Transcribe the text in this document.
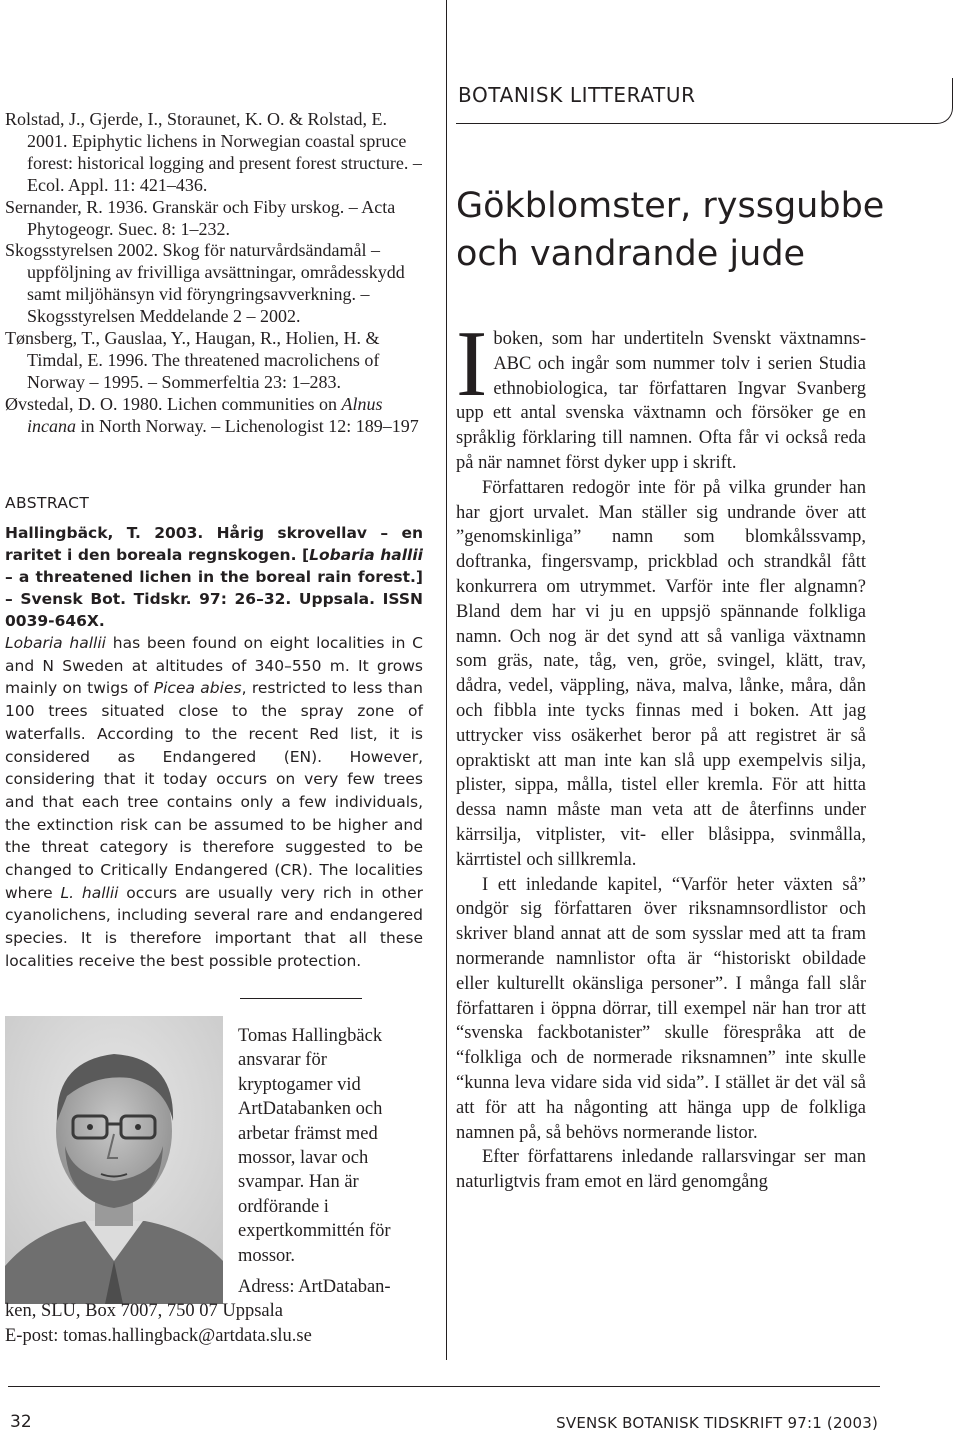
Rolstad, J., Gjerde, I., Storaunet, K. O. & Rolstad, E. 2001. Epiphytic lichens in Norwegian coastal spruce forest: historical logging and present forest structure. – Ecol. Appl. 11: 421–436.

Sernander, R. 1936. Granskär och Fiby urskog. – Acta Phytogeogr. Suec. 8: 1–232.

Skogsstyrelsen 2002. Skog för naturvårdsändamål – uppföljning av frivilliga avsättningar, områdesskydd samt miljöhänsyn vid föryngringsavverkning. – Skogsstyrelsen Meddelande 2 – 2002.

Tønsberg, T., Gauslaa, Y., Haugan, R., Holien, H. & Timdal, E. 1996. The threatened macrolichens of Norway – 1995. – Sommerfeltia 23: 1–283.

Øvstedal, D. O. 1980. Lichen communities on Alnus incana in North Norway. – Lichenologist 12: 189–197

ABSTRACT

Hallingbäck, T. 2003. Hårig skrovellav – en raritet i den boreala regnskogen. [Lobaria hallii – a threatened lichen in the boreal rain forest.] – Svensk Bot. Tidskr. 97: 26–32. Uppsala. ISSN 0039-646X.

Lobaria hallii has been found on eight localities in C and N Sweden at altitudes of 340–550 m. It grows mainly on twigs of Picea abies, restricted to less than 100 trees situated close to the spray zone of waterfalls. According to the recent Red list, it is considered as Endangered (EN). However, considering that it today occurs on very few trees and that each tree contains only a few individuals, the extinction risk can be assumed to be higher and the threat category is therefore suggested to be changed to Critically Endangered (CR). The localities where L. hallii occurs are usually very rich in other cyanolichens, including several rare and endangered species. It is therefore important that all these localities receive the best possible protection.

Tomas Hallingbäck ansvarar för kryptogamer vid ArtDatabanken och arbetar främst med mossor, lavar och svampar. Han är ordförande i expertkommittén för mossor.

Adress: ArtDataban-
ken, SLU, Box 7007, 750 07 Uppsala
E-post: tomas.hallingback@artdata.slu.se

BOTANISK LITTERATUR
Gökblomster, ryssgubbe och vandrande jude

Iboken, som har undertiteln Svenskt växtnamns-ABC och ingår som nummer tolv i serien Studia ethnobiologica, tar författaren Ingvar Svanberg upp ett antal svenska växtnamn och försöker ge en språklig förklaring till namnen. Ofta får vi också reda på när namnet först dyker upp i skrift.

Författaren redogör inte för på vilka grunder han har gjort urvalet. Man ställer sig undrande över att ”genomskinliga” namn som blomkålssvamp, doftranka, fingersvamp, prickblad och strandkål fått konkurrera om utrymmet. Varför inte fler algnamn? Bland dem har vi ju en uppsjö spännande folkliga namn. Och nog är det synd att så vanliga växtnamn som gräs, nate, tåg, ven, gröe, svingel, klätt, trav, dådra, vedel, väppling, näva, malva, lånke, måra, dån och fibbla inte tycks finnas med i boken. Att jag uttrycker viss osäkerhet beror på att registret är så opraktiskt att man inte kan slå upp exempelvis silja, plister, sippa, målla, tistel eller kremla. För att hitta dessa namn måste man veta att de återfinns under kärrsilja, vitplister, vit- eller blåsippa, svinmålla, kärrtistel och sillkremla.

I ett inledande kapitel, “Varför heter växten så” ondgör sig författaren över riksnamnsordlistor och skriver bland annat att de som sysslar med att ta fram normerande namnlistor ofta är “historiskt obildade eller kulturellt okänsliga personer”. I många fall slår författaren i öppna dörrar, till exempel när han tror att “svenska fackbotanister” skulle förespråka att de “folkliga och de normerade riksnamnen” inte skulle “kunna leva vidare sida vid sida”. I stället är det väl så att för att ha någonting att hänga upp de folkliga namnen på, så behövs normerande listor.

Efter författarens inledande rallarsvingar ser man naturligtvis fram emot en lärd genomgång

32	SVENSK BOTANISK TIDSKRIFT 97:1 (2003)
